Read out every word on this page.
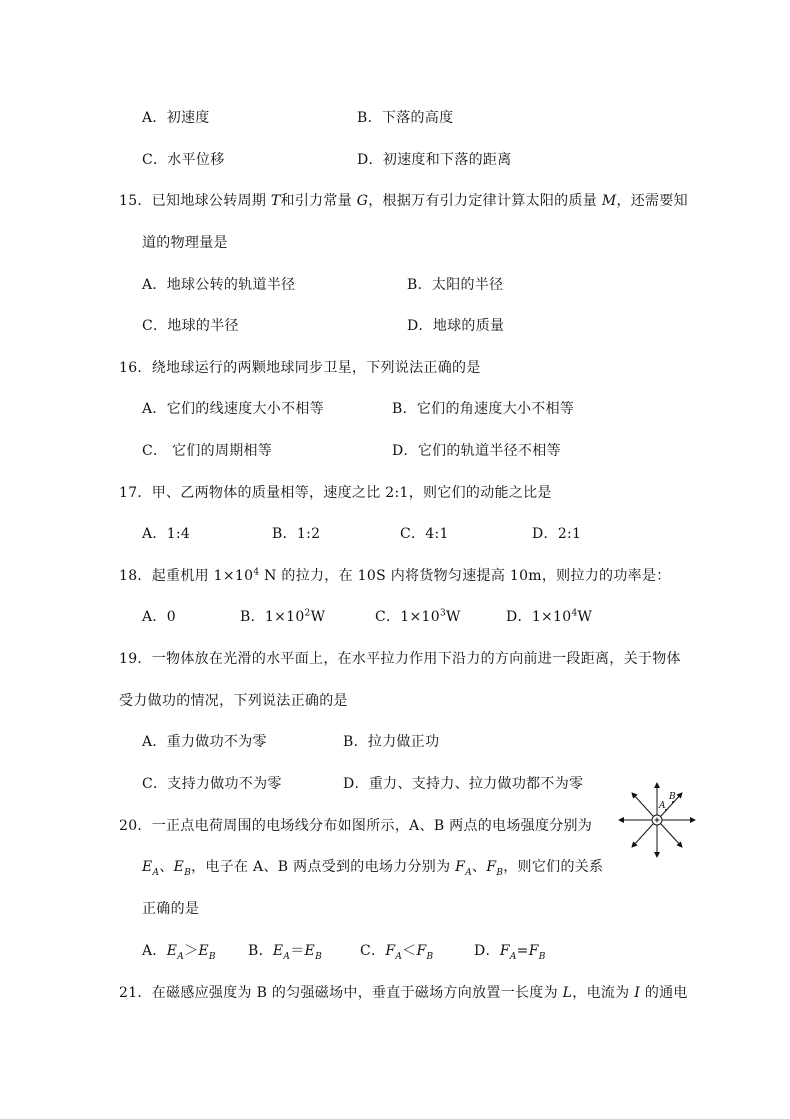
A．初速度	B．下落的高度
C．水平位移	D．初速度和下落的距离
15．已知地球公转周期 T和引力常量 G，根据万有引力定律计算太阳的质量 M，还需要知
道的物理量是
A．地球公转的轨道半径	B．太阳的半径
C．地球的半径	D．地球的质量
16．绕地球运行的两颗地球同步卫星，下列说法正确的是
A．它们的线速度大小不相等	B．它们的角速度大小不相等
C． 它们的周期相等	D．它们的轨道半径不相等
17．甲、乙两物体的质量相等，速度之比 2:1，则它们的动能之比是
A．1:4	B．1:2	C．4:1	D．2:1
18．起重机用 $1\times 10^4$ N 的拉力，在 10S 内将货物匀速提高 10m，则拉力的功率是：
A．0	B．$1\times 10^2W$	C．$1\times 10^3W$	D．$1\times 10^4W$
19．一物体放在光滑的水平面上，在水平拉力作用下沿力的方向前进一段距离，关于物体
受力做功的情况，下列说法正确的是
A．重力做功不为零	B．拉力做正功
C．支持力做功不为零	D．重力、支持力、拉力做功都不为零
20．一正点电荷周围的电场线分布如图所示，A、B 两点的电场强度分别为
$E_A$、$E_B$，电子在 A、B 两点受到的电场力分别为 $F_A$、$F_B$，则它们的关系
正确的是
A．$E_A>E_B$ B．$E_A=E_B$	C．$F_A<F_B$	D．$F_A=F_B$
A
B
21．在磁感应强度为 B 的匀强磁场中，垂直于磁场方向放置一长度为 L，电流为 I 的通电
